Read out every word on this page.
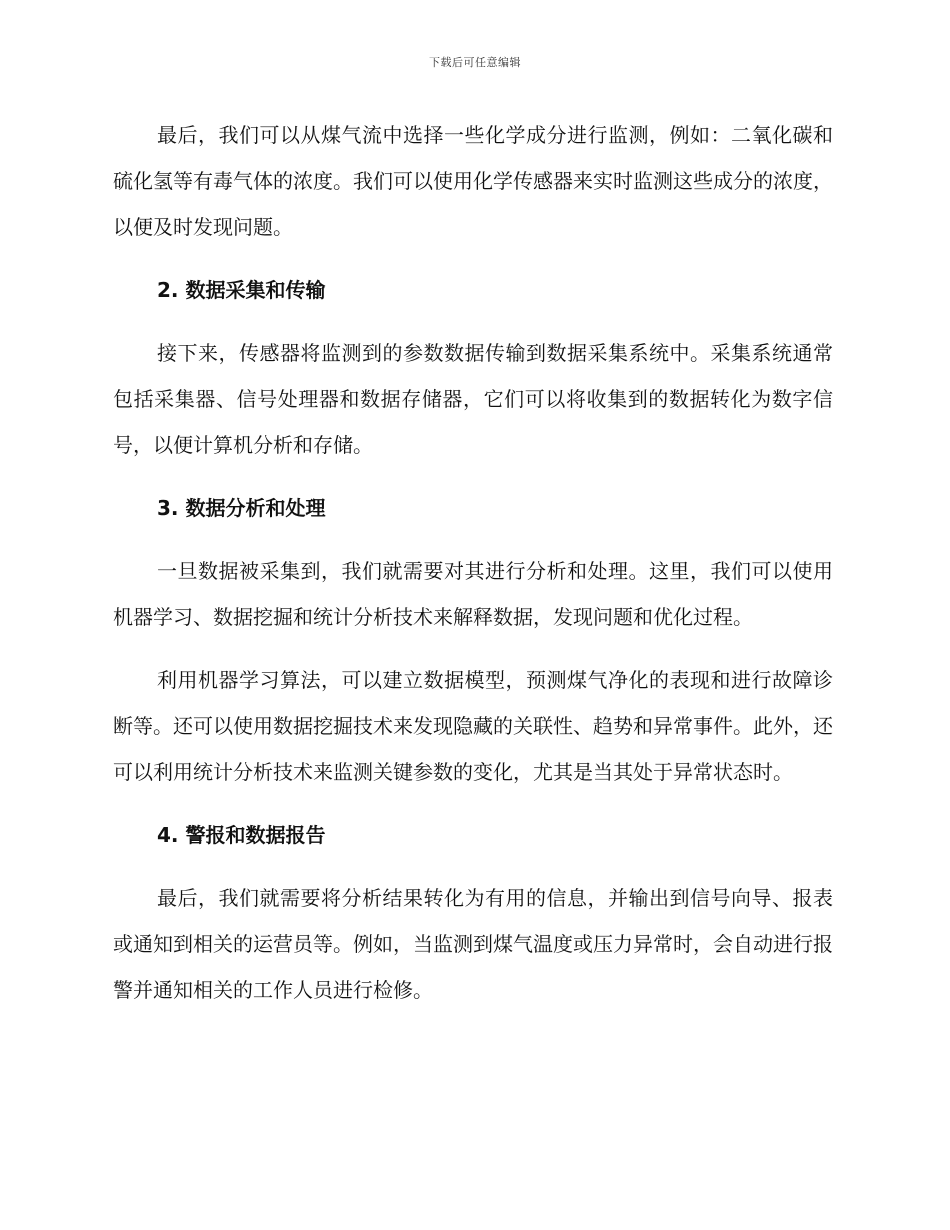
下载后可任意编辑

最后，我们可以从煤气流中选择一些化学成分进行监测，例如：二氧化碳和硫化氢等有毒气体的浓度。我们可以使用化学传感器来实时监测这些成分的浓度，以便及时发现问题。

2. 数据采集和传输

接下来，传感器将监测到的参数数据传输到数据采集系统中。采集系统通常包括采集器、信号处理器和数据存储器，它们可以将收集到的数据转化为数字信号，以便计算机分析和存储。

3. 数据分析和处理

一旦数据被采集到，我们就需要对其进行分析和处理。这里，我们可以使用机器学习、数据挖掘和统计分析技术来解释数据，发现问题和优化过程。

利用机器学习算法，可以建立数据模型，预测煤气净化的表现和进行故障诊断等。还可以使用数据挖掘技术来发现隐藏的关联性、趋势和异常事件。此外，还可以利用统计分析技术来监测关键参数的变化，尤其是当其处于异常状态时。

4. 警报和数据报告

最后，我们就需要将分析结果转化为有用的信息，并输出到信号向导、报表或通知到相关的运营员等。例如，当监测到煤气温度或压力异常时，会自动进行报警并通知相关的工作人员进行检修。
